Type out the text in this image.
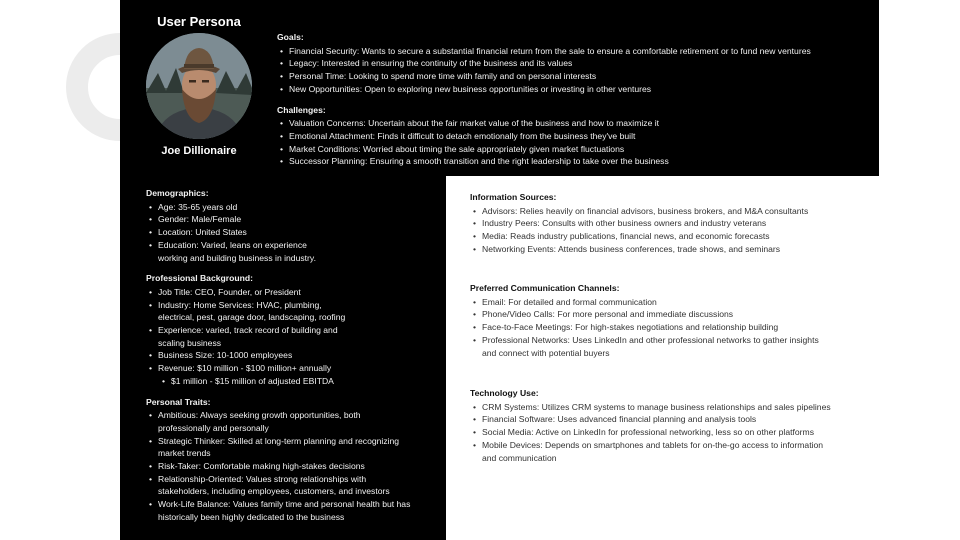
User Persona
Joe Dillionaire
Goals:
• Financial Security: Wants to secure a substantial financial return from the sale to ensure a comfortable retirement or to fund new ventures
• Legacy: Interested in ensuring the continuity of the business and its values
• Personal Time: Looking to spend more time with family and on personal interests
• New Opportunities: Open to exploring new business opportunities or investing in other ventures
Challenges:
• Valuation Concerns: Uncertain about the fair market value of the business and how to maximize it
• Emotional Attachment: Finds it difficult to detach emotionally from the business they've built
• Market Conditions: Worried about timing the sale appropriately given market fluctuations
• Successor Planning: Ensuring a smooth transition and the right leadership to take over the business
Demographics:
• Age: 35-65 years old
• Gender: Male/Female
• Location: United States
• Education: Varied, leans on experience
working and building business in industry.
Professional Background:
• Job Title: CEO, Founder, or President
• Industry: Home Services: HVAC, plumbing,
electrical, pest, garage door, landscaping, roofing
• Experience: varied, track record of building and
scaling business
• Business Size: 10-1000 employees
• Revenue: $10 million - $100 million+ annually
• $1 million - $15 million of adjusted EBITDA
Personal Traits:
• Ambitious: Always seeking growth opportunities, both
professionally and personally
• Strategic Thinker: Skilled at long-term planning and recognizing
market trends
• Risk-Taker: Comfortable making high-stakes decisions
• Relationship-Oriented: Values strong relationships with
stakeholders, including employees, customers, and investors
• Work-Life Balance: Values family time and personal health but has
historically been highly dedicated to the business
Information Sources:
• Advisors: Relies heavily on financial advisors, business brokers, and M&A consultants
• Industry Peers: Consults with other business owners and industry veterans
• Media: Reads industry publications, financial news, and economic forecasts
• Networking Events: Attends business conferences, trade shows, and seminars
Preferred Communication Channels:
• Email: For detailed and formal communication
• Phone/Video Calls: For more personal and immediate discussions
• Face-to-Face Meetings: For high-stakes negotiations and relationship building
• Professional Networks: Uses LinkedIn and other professional networks to gather insights
and connect with potential buyers
Technology Use:
• CRM Systems: Utilizes CRM systems to manage business relationships and sales pipelines
• Financial Software: Uses advanced financial planning and analysis tools
• Social Media: Active on LinkedIn for professional networking, less so on other platforms
• Mobile Devices: Depends on smartphones and tablets for on-the-go access to information
and communication
